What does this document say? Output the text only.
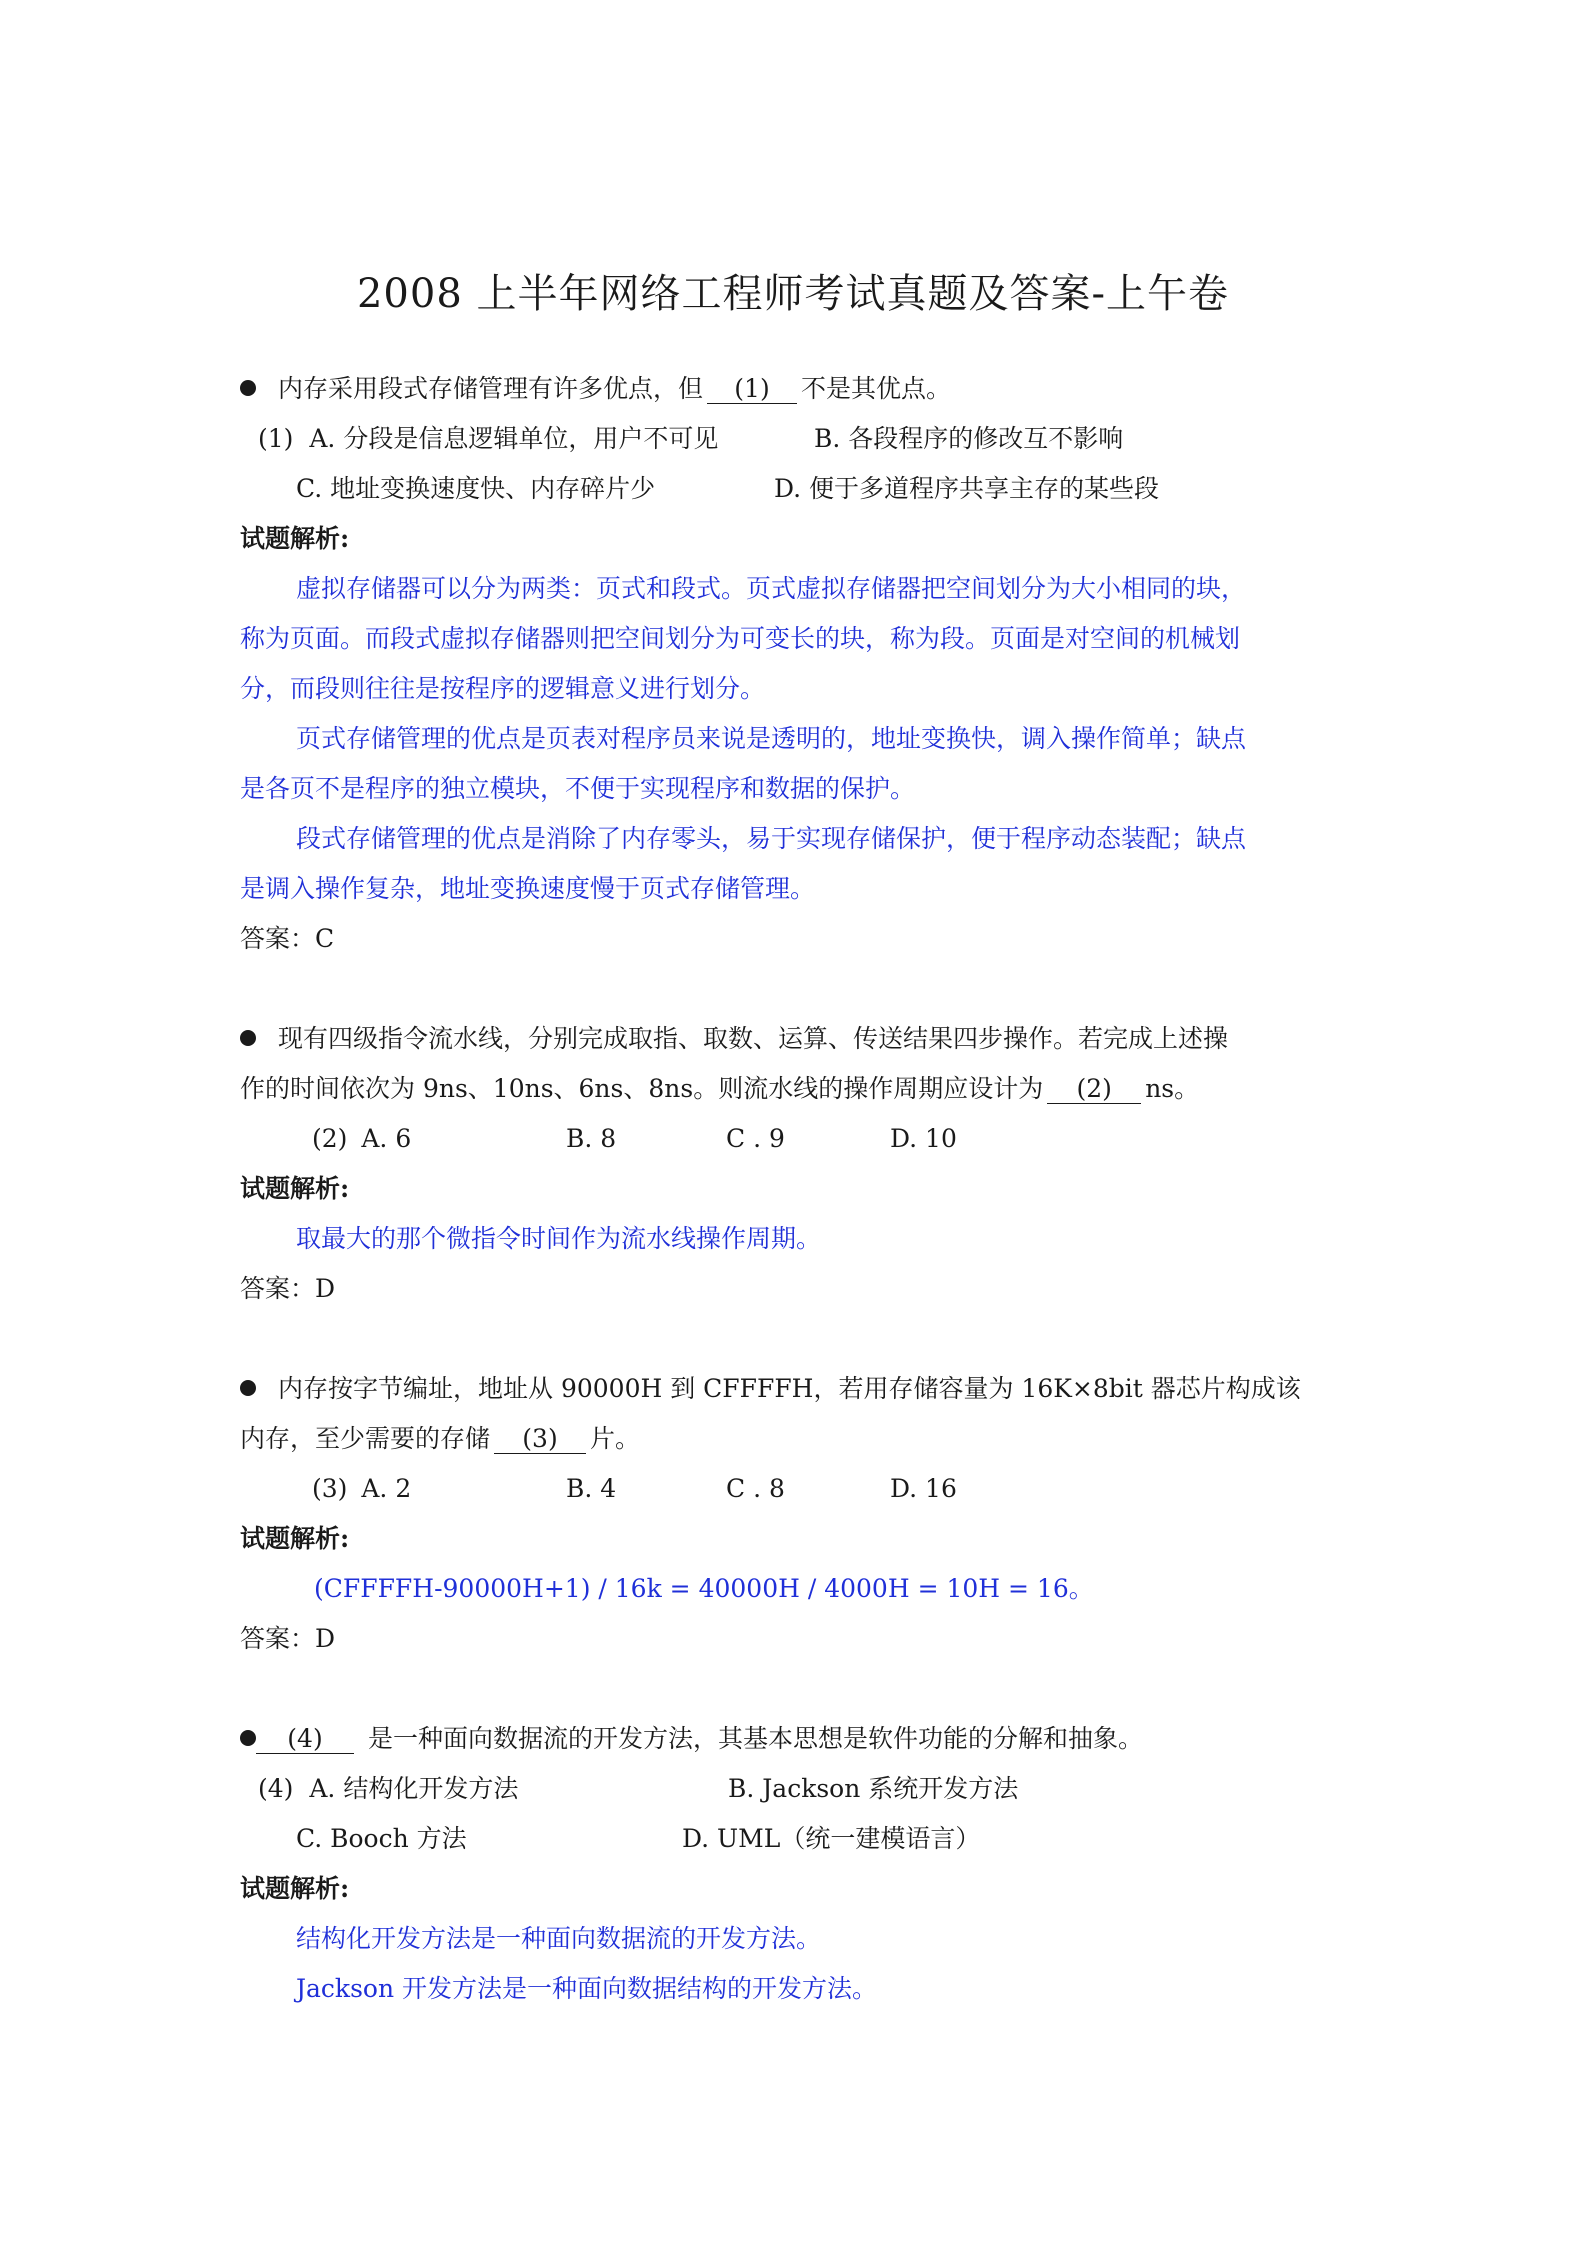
2008 上半年网络工程师考试真题及答案-上午卷
内存采用段式存储管理有许多优点，但 (1) 不是其优点。
(1) A. 分段是信息逻辑单位，用户不可见	B. 各段程序的修改互不影响
C. 地址变换速度快、内存碎片少	D. 便于多道程序共享主存的某些段
试题解析:
虚拟存储器可以分为两类：页式和段式。页式虚拟存储器把空间划分为大小相同的块，
称为页面。而段式虚拟存储器则把空间划分为可变长的块，称为段。页面是对空间的机械划
分，而段则往往是按程序的逻辑意义进行划分。
页式存储管理的优点是页表对程序员来说是透明的，地址变换快，调入操作简单；缺点
是各页不是程序的独立模块，不便于实现程序和数据的保护。
段式存储管理的优点是消除了内存零头，易于实现存储保护，便于程序动态装配；缺点
是调入操作复杂，地址变换速度慢于页式存储管理。
答案：C
现有四级指令流水线，分别完成取指、取数、运算、传送结果四步操作。若完成上述操
作的时间依次为 9ns、10ns、6ns、8ns。则流水线的操作周期应设计为 (2) ns。
(2) A. 6	B. 8	C . 9	D. 10
试题解析:
取最大的那个微指令时间作为流水线操作周期。
答案：D
内存按字节编址，地址从 90000H 到 CFFFFH，若用存储容量为 16K×8bit 器芯片构成该
内存，至少需要的存储 (3) 片。
(3) A. 2	B. 4	C . 8	D. 16
试题解析:
(CFFFFH-90000H+1) / 16k = 40000H / 4000H = 10H = 16。
答案：D
(4) 是一种面向数据流的开发方法，其基本思想是软件功能的分解和抽象。
(4) A. 结构化开发方法	B. Jackson 系统开发方法
C. Booch 方法	D. UML（统一建模语言）
试题解析:
结构化开发方法是一种面向数据流的开发方法。
Jackson 开发方法是一种面向数据结构的开发方法。
